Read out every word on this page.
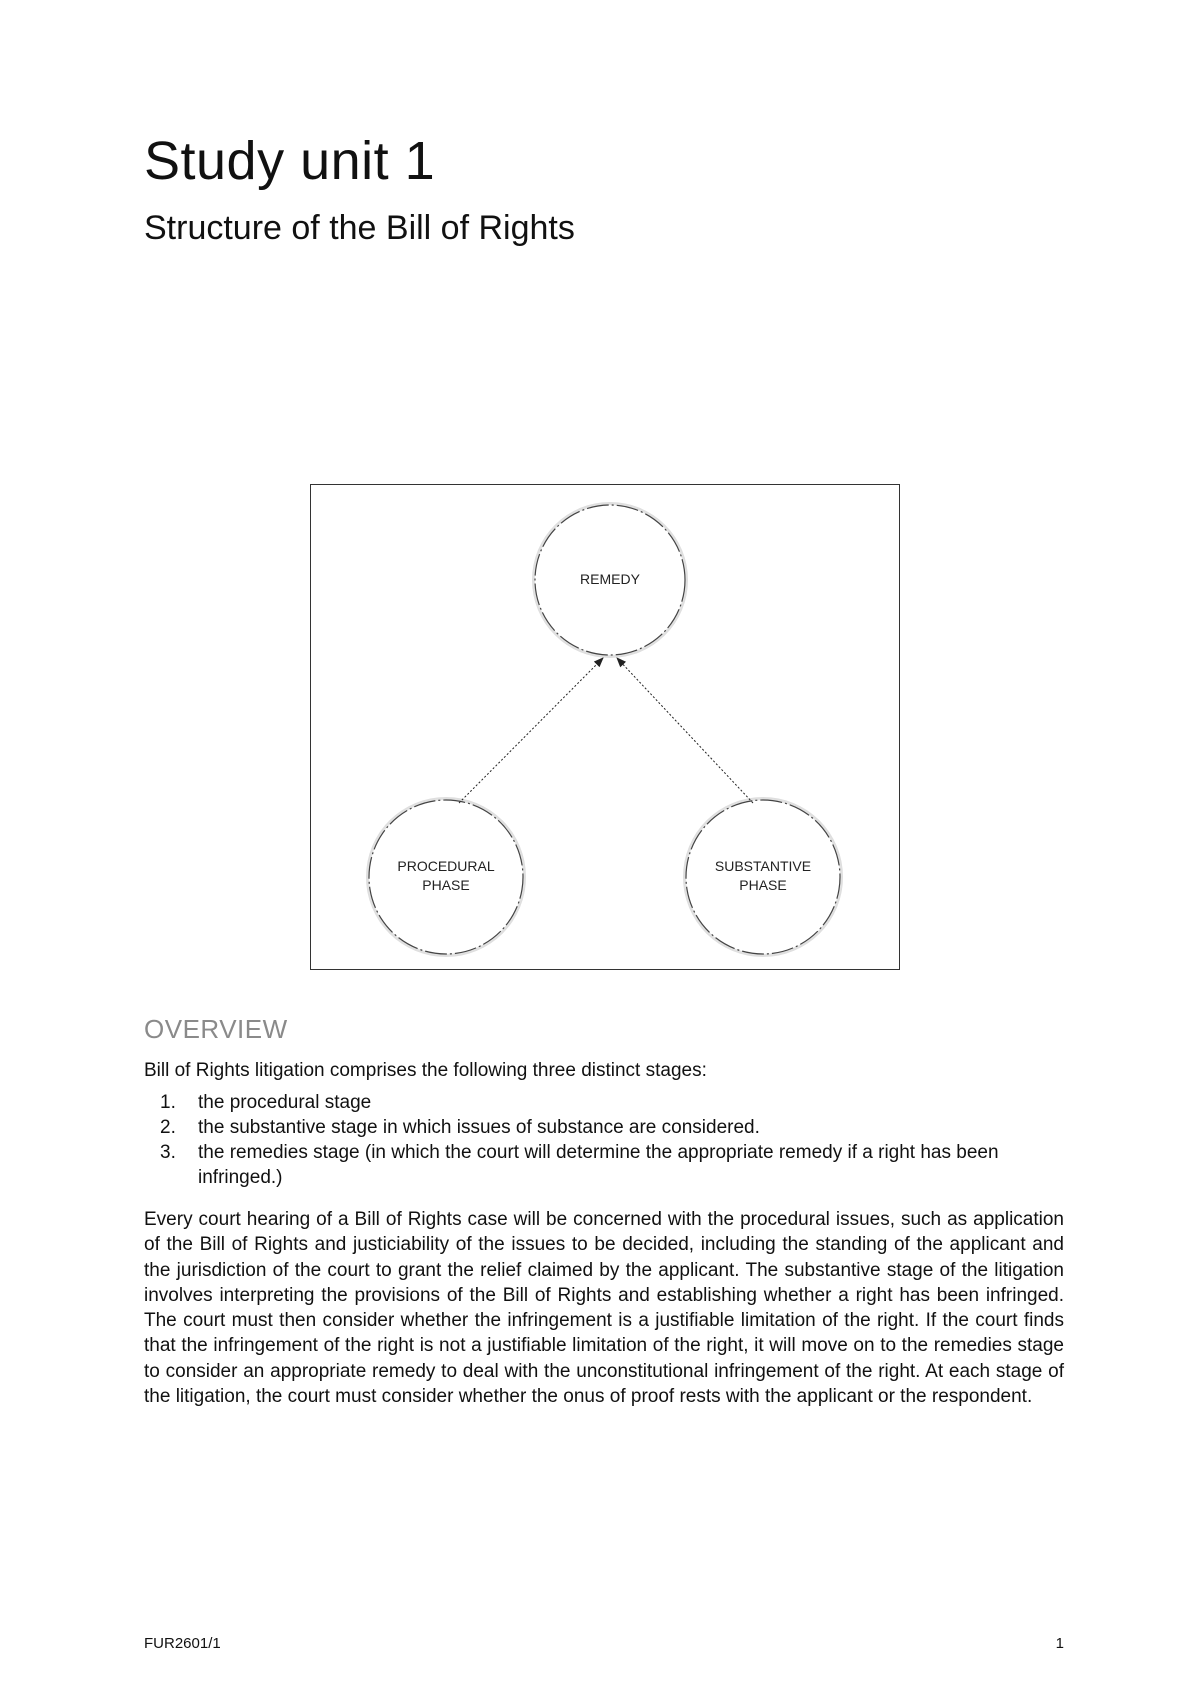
Study unit 1
Structure of the Bill of Rights
REMEDY
PROCEDURAL
PHASE
SUBSTANTIVE
PHASE
OVERVIEW

Bill of Rights litigation comprises the following three distinct stages:

1. the procedural stage
2. the substantive stage in which issues of substance are considered.
3. the remedies stage (in which the court will determine the appropriate remedy if a right has been infringed.)

Every court hearing of a Bill of Rights case will be concerned with the procedural issues, such as application of the Bill of Rights and justiciability of the issues to be decided, including the standing of the applicant and the jurisdiction of the court to grant the relief claimed by the applicant. The substantive stage of the litigation involves interpreting the provisions of the Bill of Rights and establishing whether a right has been infringed. The court must then consider whether the infringement is a justifiable limitation of the right. If the court finds that the infringement of the right is not a justifiable limitation of the right, it will move on to the remedies stage to consider an appropriate remedy to deal with the unconstitutional infringement of the right. At each stage of the litigation, the court must consider whether the onus of proof rests with the applicant or the respondent.

FUR2601/1	1
